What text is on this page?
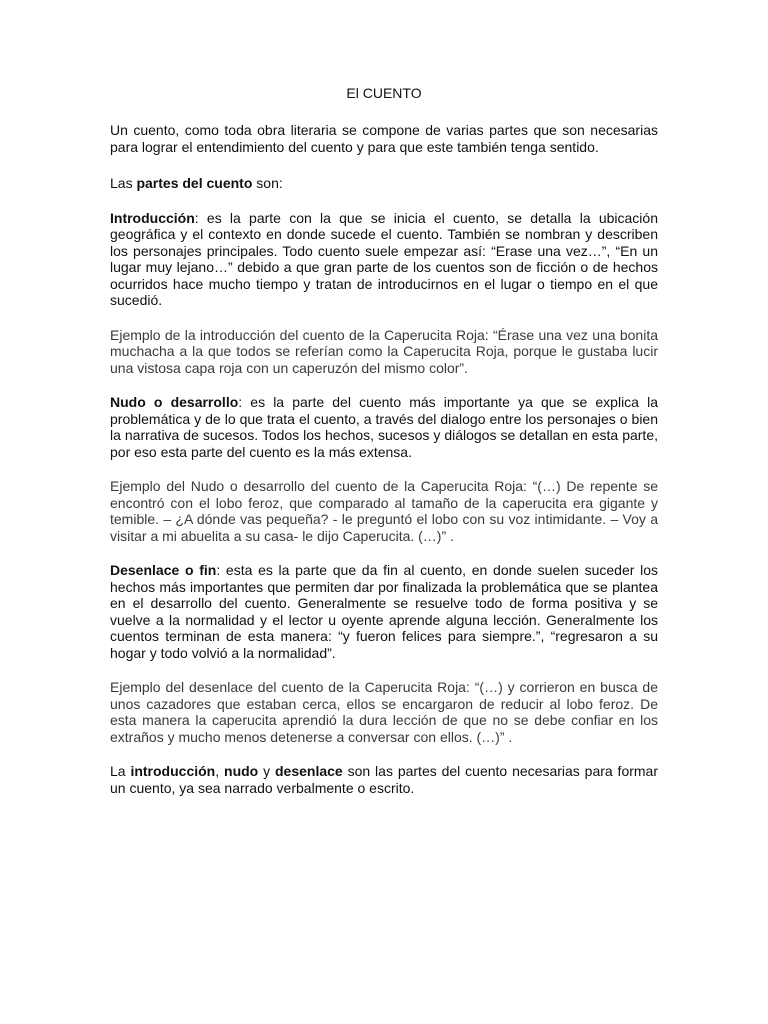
El CUENTO

Un cuento, como toda obra literaria se compone de varias partes que son necesarias para lograr el entendimiento del cuento y para que este también tenga sentido.

Las partes del cuento son:

Introducción: es la parte con la que se inicia el cuento, se detalla la ubicación geográfica y el contexto en donde sucede el cuento. También se nombran y describen los personajes principales. Todo cuento suele empezar así: “Erase una vez…”, “En un lugar muy lejano…” debido a que gran parte de los cuentos son de ficción o de hechos ocurridos hace mucho tiempo y tratan de introducirnos en el lugar o tiempo en el que sucedió.

Ejemplo de la introducción del cuento de la Caperucita Roja: “Érase una vez una bonita muchacha a la que todos se referían como la Caperucita Roja, porque le gustaba lucir una vistosa capa roja con un caperuzón del mismo color”.

Nudo o desarrollo: es la parte del cuento más importante ya que se explica la problemática y de lo que trata el cuento, a través del dialogo entre los personajes o bien la narrativa de sucesos. Todos los hechos, sucesos y diálogos se detallan en esta parte, por eso esta parte del cuento es la más extensa.

Ejemplo del Nudo o desarrollo del cuento de la Caperucita Roja: “(…) De repente se encontró con el lobo feroz, que comparado al tamaño de la caperucita era gigante y temible. – ¿A dónde vas pequeña? - le preguntó el lobo con su voz intimidante. – Voy a visitar a mi abuelita a su casa- le dijo Caperucita. (…)” .

Desenlace o fin: esta es la parte que da fin al cuento, en donde suelen suceder los hechos más importantes que permiten dar por finalizada la problemática que se plantea en el desarrollo del cuento. Generalmente se resuelve todo de forma positiva y se vuelve a la normalidad y el lector u oyente aprende alguna lección. Generalmente los cuentos terminan de esta manera: “y fueron felices para siempre.”, “regresaron a su hogar y todo volvió a la normalidad”.

Ejemplo del desenlace del cuento de la Caperucita Roja: “(…) y corrieron en busca de unos cazadores que estaban cerca, ellos se encargaron de reducir al lobo feroz. De esta manera la caperucita aprendió la dura lección de que no se debe confiar en los extraños y mucho menos detenerse a conversar con ellos. (…)” .

La introducción, nudo y desenlace son las partes del cuento necesarias para formar un cuento, ya sea narrado verbalmente o escrito.
